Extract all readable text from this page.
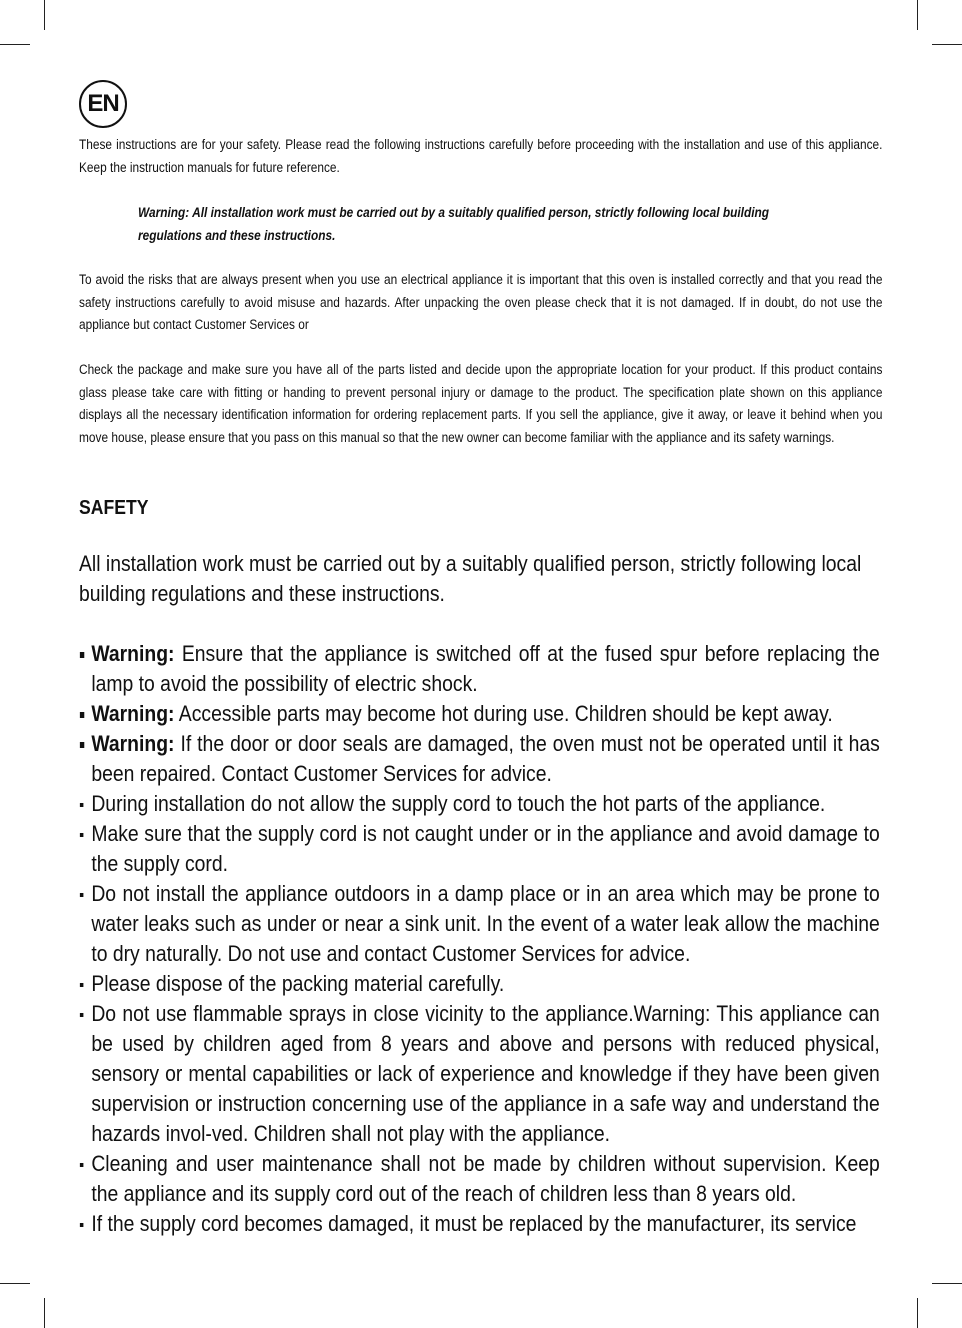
EN
These instructions are for your safety. Please read the following instructions carefully before proceeding with the installation and use of this appliance. Keep the instruction manuals for future reference.
Warning: All installation work must be carried out by a suitably qualified person, strictly following local building regulations and these instructions.
To avoid the risks that are always present when you use an electrical appliance it is important that this oven is installed correctly and that you read the safety instructions carefully to avoid misuse and hazards. After unpacking the oven please check that it is not damaged. If in doubt, do not use the appliance but contact Customer Services or
Check the package and make sure you have all of the parts listed and decide upon the appropriate location for your product. If this product contains glass please take care with fitting or handing to prevent personal injury or damage to the product. The specification plate shown on this appliance displays all the necessary identification information for ordering replacement parts. If you sell the appliance, give it away, or leave it behind when you move house, please ensure that you pass on this manual so that the new owner can become familiar with the appliance and its safety warnings.
SAFETY
All installation work must be carried out by a suitably qualified person, strictly following local building regulations and these instructions.
Warning: Ensure that the appliance is switched off at the fused spur before replacing the lamp to avoid the possibility of electric shock.
Warning: Accessible parts may become hot during use. Children should be kept away.
Warning: If the door or door seals are damaged, the oven must not be operated until it has been repaired. Contact Customer Services for advice.
During installation do not allow the supply cord to touch the hot parts of the appliance.
Make sure that the supply cord is not caught under or in the appliance and avoid damage to the supply cord.
Do not install the appliance outdoors in a damp place or in an area which may be prone to water leaks such as under or near a sink unit. In the event of a water leak allow the machine to dry naturally. Do not use and contact Customer Services for advice.
Please dispose of the packing material carefully.
Do not use flammable sprays in close vicinity to the appliance.Warning: This appliance can be used by children aged from 8 years and above and persons with reduced physical, sensory or mental capabilities or lack of experience and knowledge if they have been given supervision or instruction concerning use of the appliance in a safe way and understand the hazards invol-ved. Children shall not play with the appliance.
Cleaning and user maintenance shall not be made by children without supervision. Keep the appliance and its supply cord out of the reach of children less than 8 years old.
If the supply cord becomes damaged, it must be replaced by the manufacturer, its service
